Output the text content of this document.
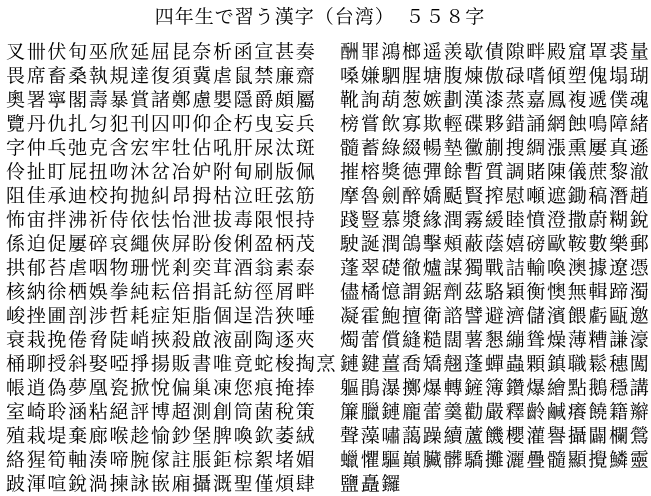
四年生で習う漢字（台湾）　５５８字
叉卌伏旬巫欣延屈昆奈析函宣甚奏
畏席畜桑執規達復須冀虐鼠禁廉齋
奧署寧閣壽暴賞諸鄭慮嬰隱爵頗屬
覽丹仇扎匀犯刊囚叩仰企朽曳妄兵
字仲乓弛克含宏牢牡佔吼肝尿汰斑
伶扯盯屁扭吻沐岔冶妒附甸刷版佩
阻佳承迪校拘抛糾昂拇枯泣旺弦筋
怖宙拌沸祈侍依怯怡泄拔毒限恨持
係迫促屢碎哀繩俠屏盼俊俐盈柄茂
拱郁苔虐咽物珊恍剎奕茸酒翁素泰
核納徐栖娛拳純耘倍捐託紡徑屑畔
峻挫圃剖涉哲耗症矩脂個逞浩狹唾
衰栽挽倦脅陡峭挾殺啟液副陶逐夾
桶聊授斜娶啞掙揚販書唯竟蛇梭掏烹
帳逍偽夢凰瓷掀悅偏巢凍您痕掩捧
室崎聆涵粘絕評博超測創筒菌稅策
殖栽堤棄廊喉趁愉鈔堡脾喚欽萎絨
絡猩筍軸湊啼腕傢註脹鉅棕絮堵媚
跛渾喧銳渦揀詠嵌廂攝溉聖僅煩肆
酬罪鴻榔遥羡歇債隙畔殿窟罩裘量
嗓嫌駟腥塘腹煉傲碌嗜傾塑傀塌瑚
靴詢葫葱嫉劃漢漆蒸嘉鳳複遞僕魂
榜嘗飲寡欺輕碟夥錯誦網蝕鳴障緒
髓蓄綠綴暢墊黴蒯搜綢漲熏屢真遜
摧榕獎德彈餘暫質調賭陳儀蔗黎澈
摩魯劍醉嬌颳賢搾慰噸遮鋤稿潛趙
踐豎慕漿緣潤霧緩睦憤澄撒蔚糊銳
駛誕潤鴿擊頰蔽蔭嬉磅歐鞍數樂郵
蓬翠礎徹爐謀獨戰詰輸喚澳據遼憑
儘橘憶謂鋸劑茲駱穎衡懊無輯蹄濁
凝霍鮑擅衛諮譬避濟儲濱餵虧甌邀
燭蕾償縫糙闊薯懇繃聳燥薄糟謙濠
鏈鍵薑喬矯翹蓬蟬蟲顆鎮職鬆穗闖
軀鵑瀑擲爆轉鏟簿鑽爆繪點鵝穩講
簾臘鏈龐蕾羹勸嚴釋齡鹹癢饒籍辮
聲藻嘯藹躁續蘆饑櫻灌譽攝闢欄鶯
蠟懼驅巔臟髒驕攤灑疊髓顯攪鱗靈
鹽矗鑼
